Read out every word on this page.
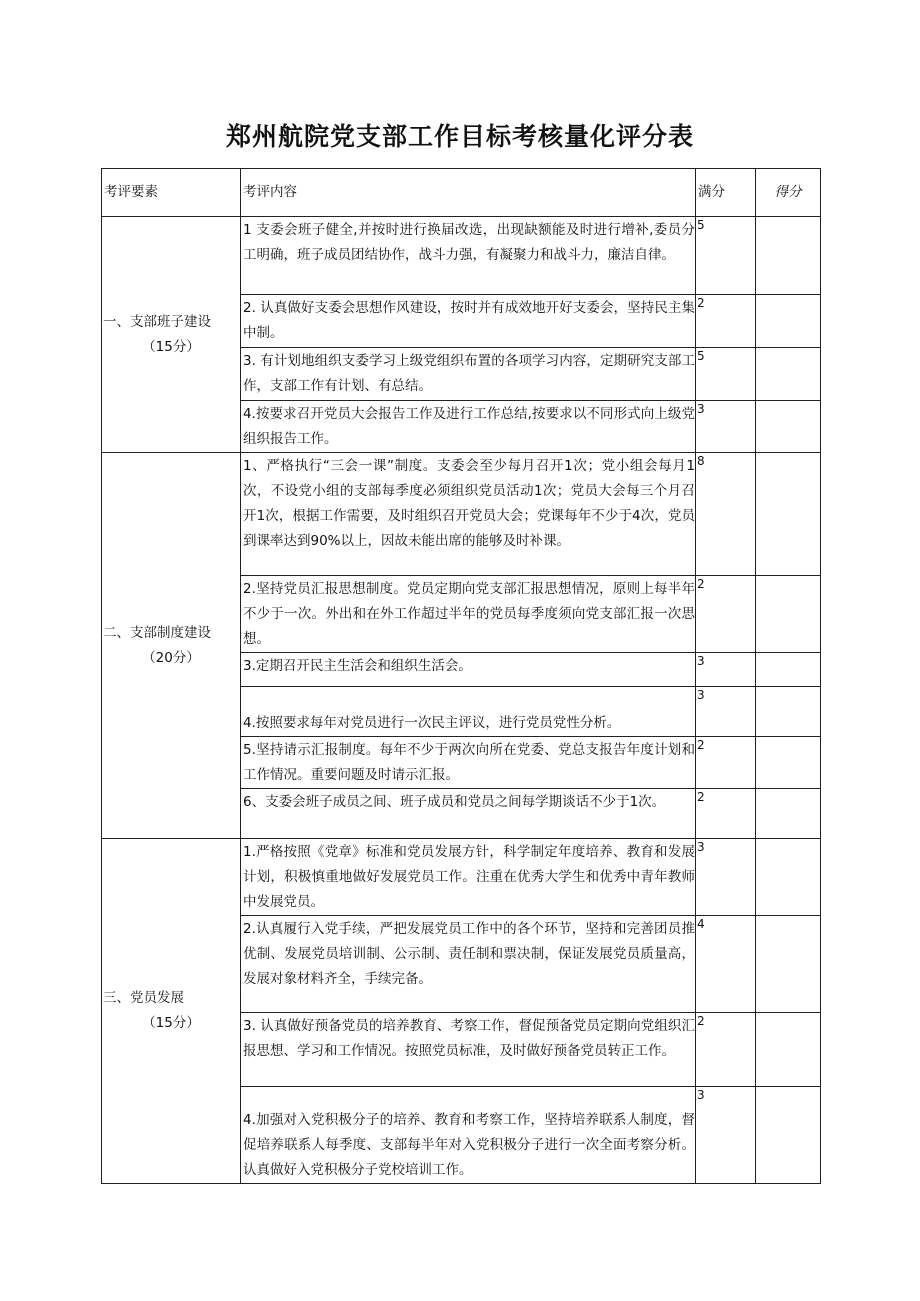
郑州航院党支部工作目标考核量化评分表
考评要素	考评内容	满分	得分

一、支部班子建设
（15分）	1 支委会班子健全,并按时进行换届改选，出现缺额能及时进行增补,委员分工明确，班子成员团结协作，战斗力强，有凝聚力和战斗力，廉洁自律。	5	
	2. 认真做好支委会思想作风建设，按时并有成效地开好支委会，坚持民主集中制。	2	
	3. 有计划地组织支委学习上级党组织布置的各项学习内容，定期研究支部工作，支部工作有计划、有总结。	5	
	4.按要求召开党员大会报告工作及进行工作总结,按要求以不同形式向上级党组织报告工作。	3	

二、支部制度建设
（20分）	1、严格执行“三会一课”制度。支委会至少每月召开1次；党小组会每月1次，不设党小组的支部每季度必须组织党员活动1次；党员大会每三个月召开1次，根据工作需要，及时组织召开党员大会；党课每年不少于4次，党员到课率达到90%以上，因故未能出席的能够及时补课。	8	
	2.坚持党员汇报思想制度。党员定期向党支部汇报思想情况，原则上每半年不少于一次。外出和在外工作超过半年的党员每季度须向党支部汇报一次思想。	2	
	3.定期召开民主生活会和组织生活会。	3	
	4.按照要求每年对党员进行一次民主评议，进行党员党性分析。	3	
	5.坚持请示汇报制度。每年不少于两次向所在党委、党总支报告年度计划和工作情况。重要问题及时请示汇报。	2	
	6、支委会班子成员之间、班子成员和党员之间每学期谈话不少于1次。	2	

三、党员发展
（15分）	1.严格按照《党章》标准和党员发展方针，科学制定年度培养、教育和发展计划，积极慎重地做好发展党员工作。注重在优秀大学生和优秀中青年教师中发展党员。	3	
	2.认真履行入党手续，严把发展党员工作中的各个环节，坚持和完善团员推优制、发展党员培训制、公示制、责任制和票决制，保证发展党员质量高，发展对象材料齐全，手续完备。	4	
	3. 认真做好预备党员的培养教育、考察工作，督促预备党员定期向党组织汇报思想、学习和工作情况。按照党员标准，及时做好预备党员转正工作。	2	
	4.加强对入党积极分子的培养、教育和考察工作，坚持培养联系人制度，督促培养联系人每季度、支部每半年对入党积极分子进行一次全面考察分析。认真做好入党积极分子党校培训工作。	3	
